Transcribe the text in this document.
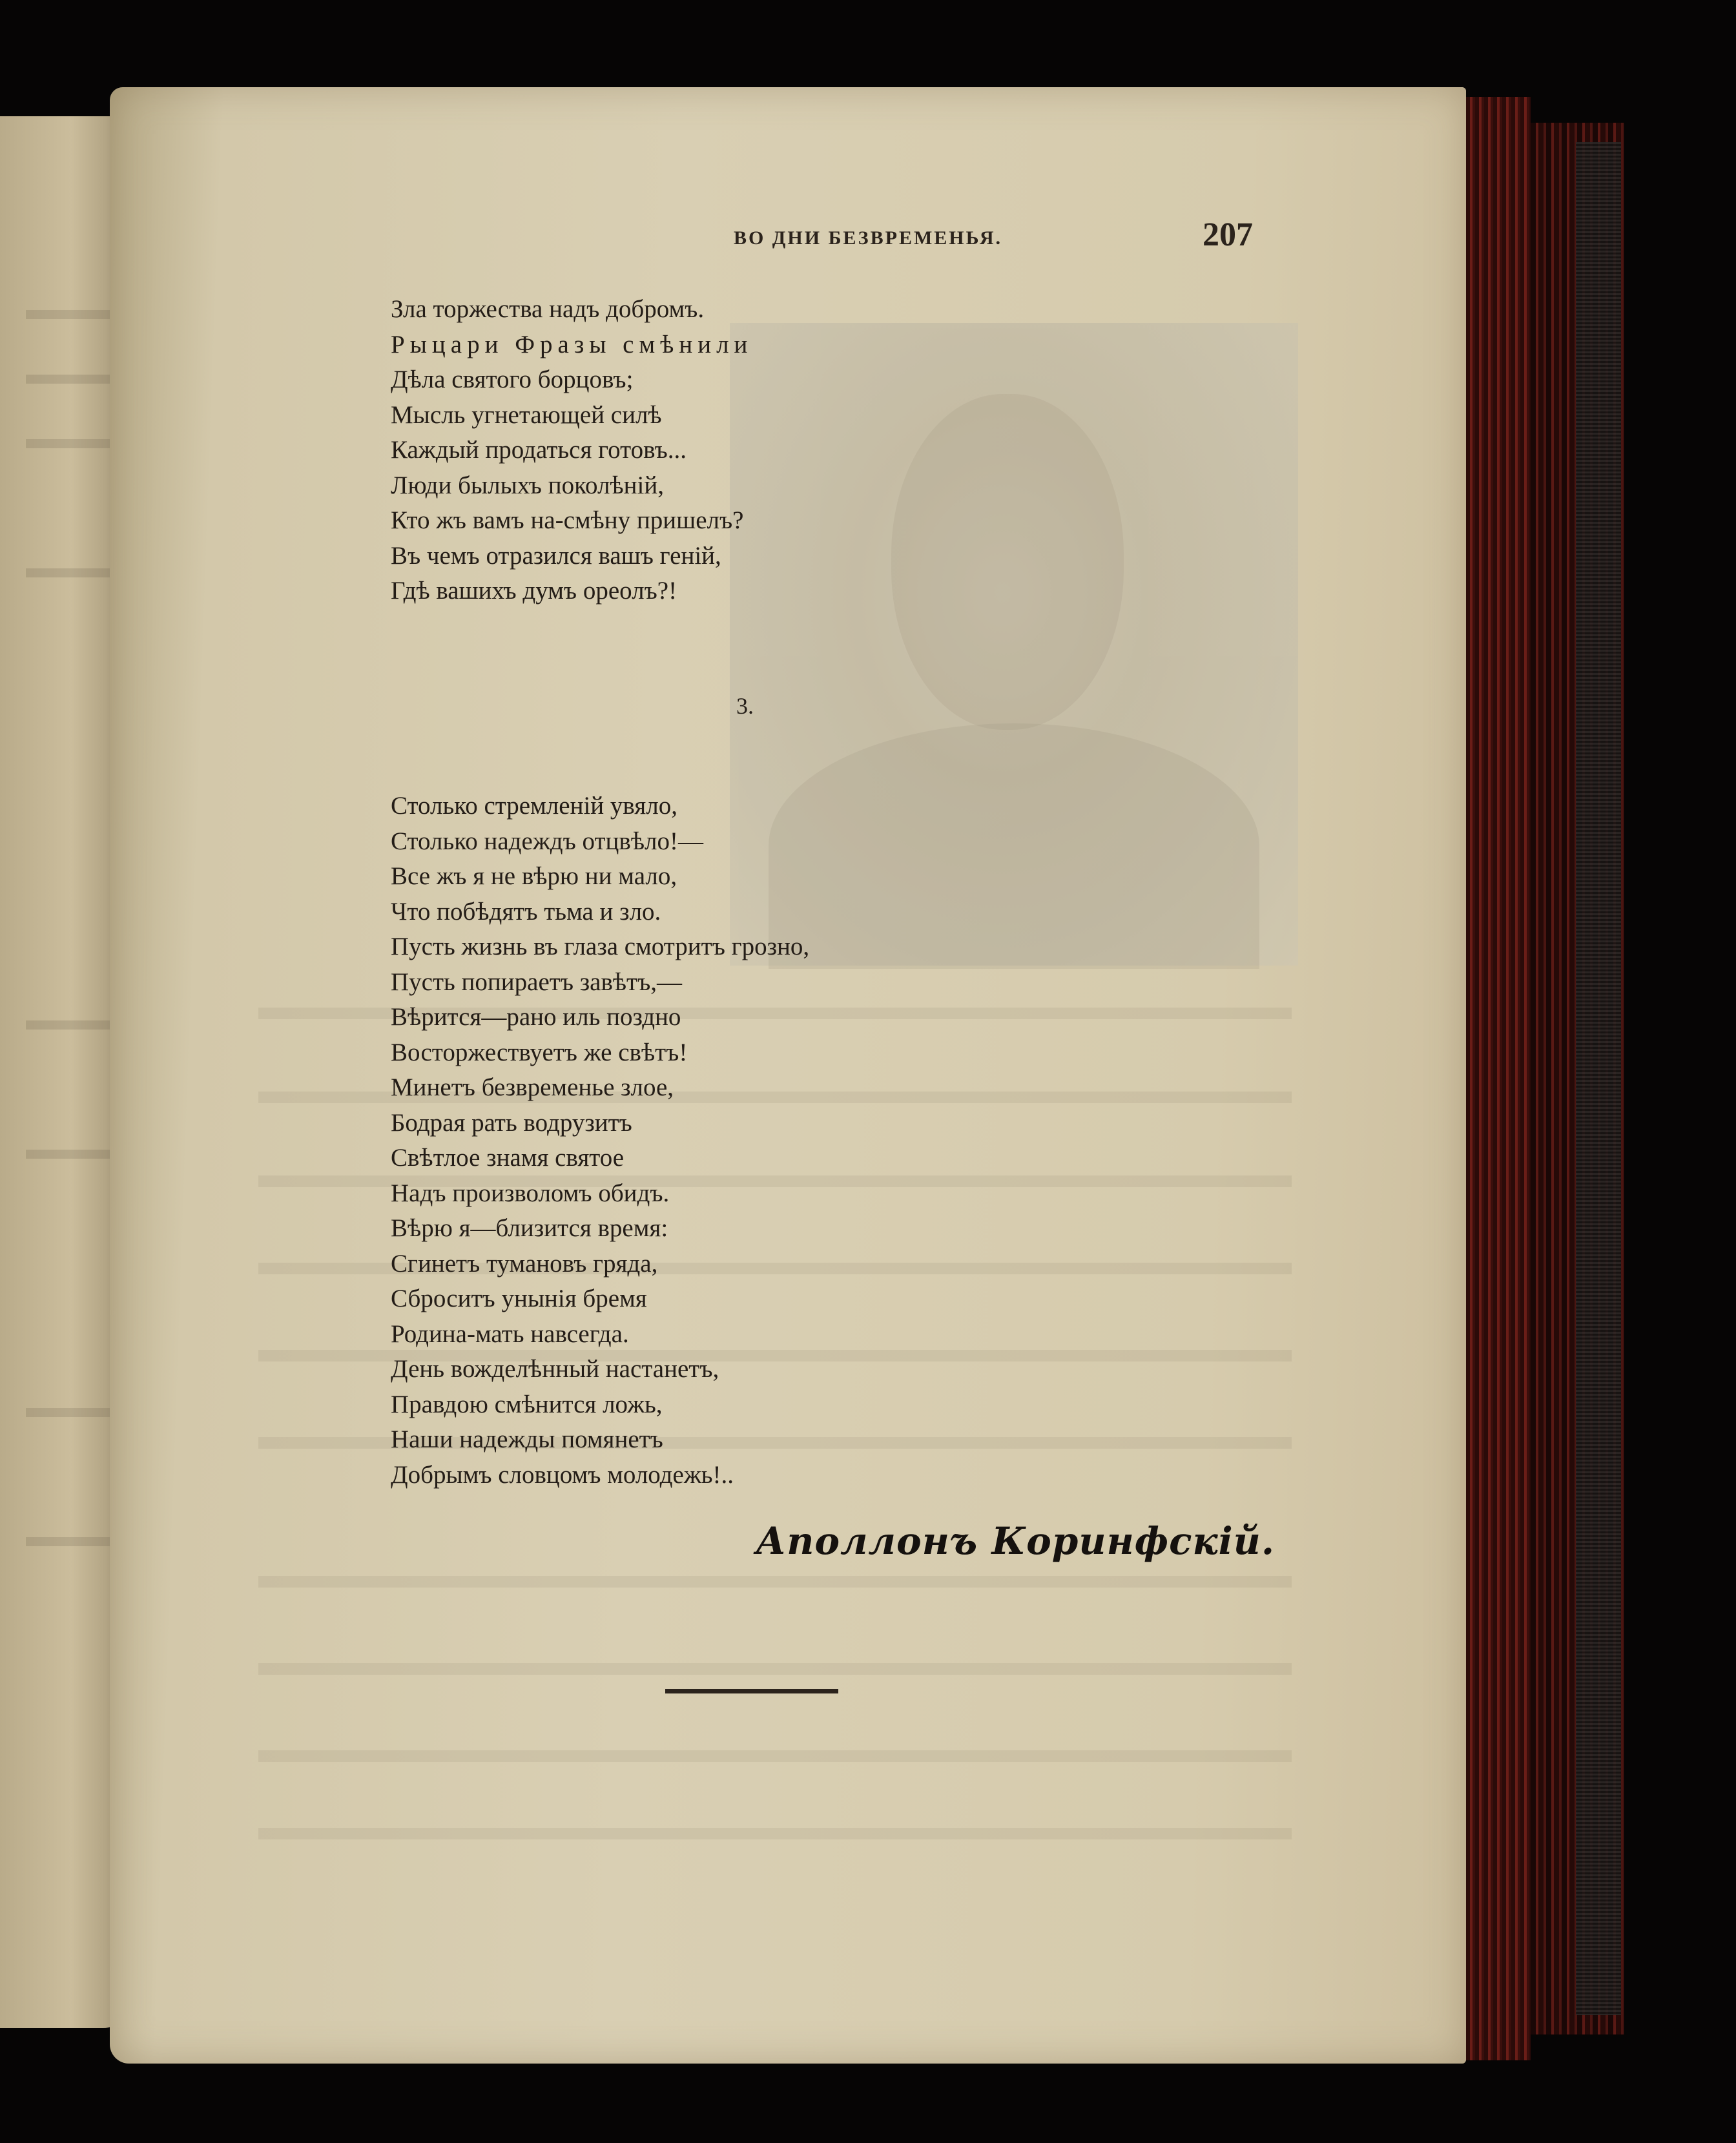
ВО ДНИ БЕЗВРЕМЕНЬЯ.	207
Зла торжества надъ добромъ.
Рыцари Фразы смѣнили
Дѣла святого борцовъ;
Мысль угнетающей силѣ
Каждый продаться готовъ...
Люди былыхъ поколѣній,
Кто жъ вамъ на-смѣну пришелъ?
Въ чемъ отразился вашъ геній,
Гдѣ вашихъ думъ ореолъ?!
3.
Столько стремленій увяло,
Столько надеждъ отцвѣло!—
Все жъ я не вѣрю ни мало,
Что побѣдятъ тьма и зло.
Пусть жизнь въ глаза смотритъ грозно,
Пусть попираетъ завѣтъ,—
Вѣрится—рано иль поздно
Восторжествуетъ же свѣтъ!
Минетъ безвременье злое,
Бодрая рать водрузитъ
Свѣтлое знамя святое
Надъ произволомъ обидъ.
Вѣрю я—близится время:
Сгинетъ тумановъ гряда,
Сброситъ унынія бремя
Родина-мать навсегда.
День вожделѣнный настанетъ,
Правдою смѣнится ложь,
Наши надежды помянетъ
Добрымъ словцомъ молодежь!..
Аполлонъ Коринфскій.
